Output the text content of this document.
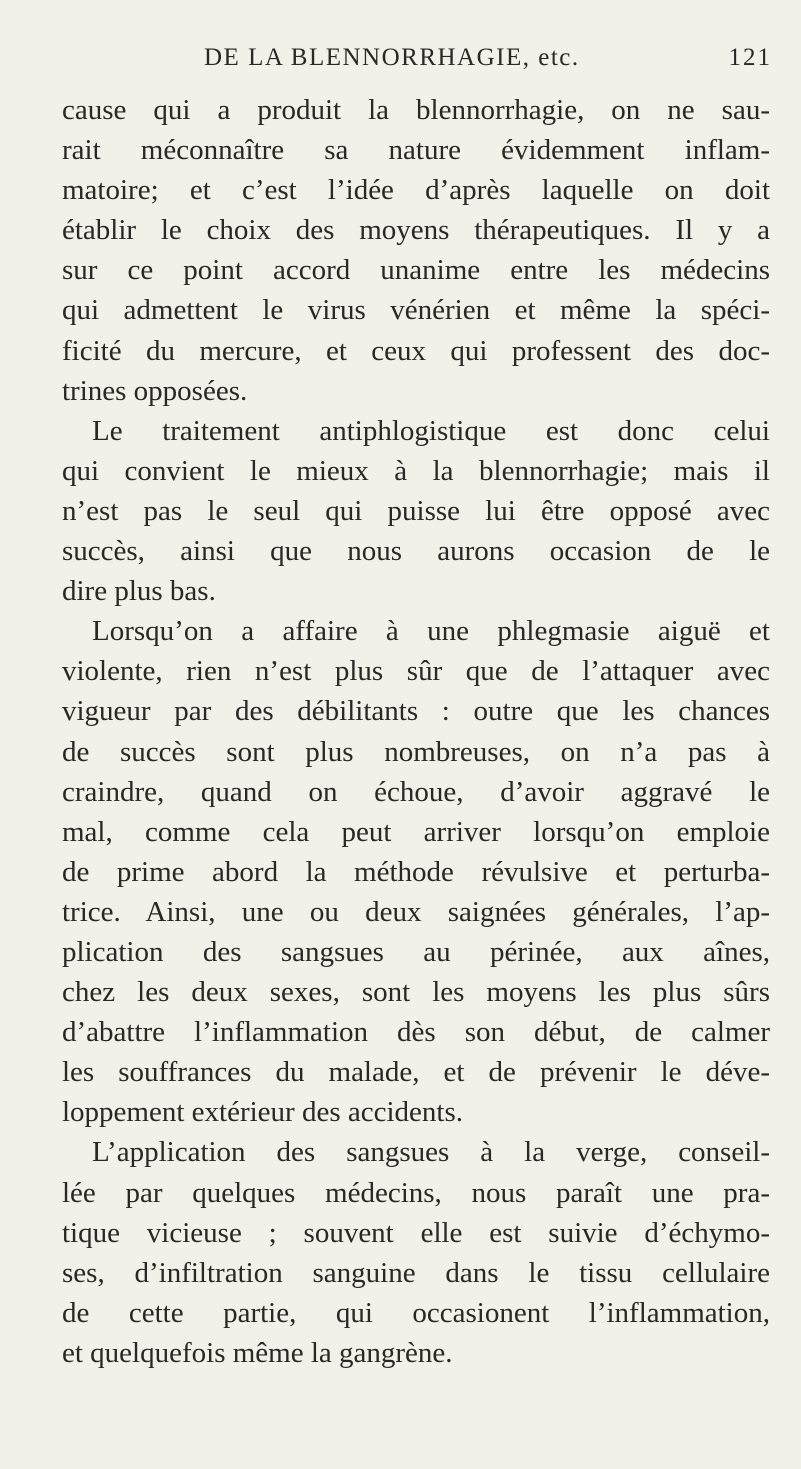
DE LA BLENNORRHAGIE, etc.	121
cause qui a produit la blennorrhagie, on ne sau-
rait méconnaître sa nature évidemment inflam-
matoire; et c’est l’idée d’après laquelle on doit
établir le choix des moyens thérapeutiques. Il y a
sur ce point accord unanime entre les médecins
qui admettent le virus vénérien et même la spéci-
ficité du mercure, et ceux qui professent des doc-
trines opposées.
Le traitement antiphlogistique est donc celui
qui convient le mieux à la blennorrhagie; mais il
n’est pas le seul qui puisse lui être opposé avec
succès, ainsi que nous aurons occasion de le
dire plus bas.
Lorsqu’on a affaire à une phlegmasie aiguë et
violente, rien n’est plus sûr que de l’attaquer avec
vigueur par des débilitants : outre que les chances
de succès sont plus nombreuses, on n’a pas à
craindre, quand on échoue, d’avoir aggravé le
mal, comme cela peut arriver lorsqu’on emploie
de prime abord la méthode révulsive et perturba-
trice. Ainsi, une ou deux saignées générales, l’ap-
plication des sangsues au périnée, aux aînes,
chez les deux sexes, sont les moyens les plus sûrs
d’abattre l’inflammation dès son début, de calmer
les souffrances du malade, et de prévenir le déve-
loppement extérieur des accidents.
L’application des sangsues à la verge, conseil-
lée par quelques médecins, nous paraît une pra-
tique vicieuse ; souvent elle est suivie d’échymo-
ses, d’infiltration sanguine dans le tissu cellulaire
de cette partie, qui occasionent l’inflammation,
et quelquefois même la gangrène.
